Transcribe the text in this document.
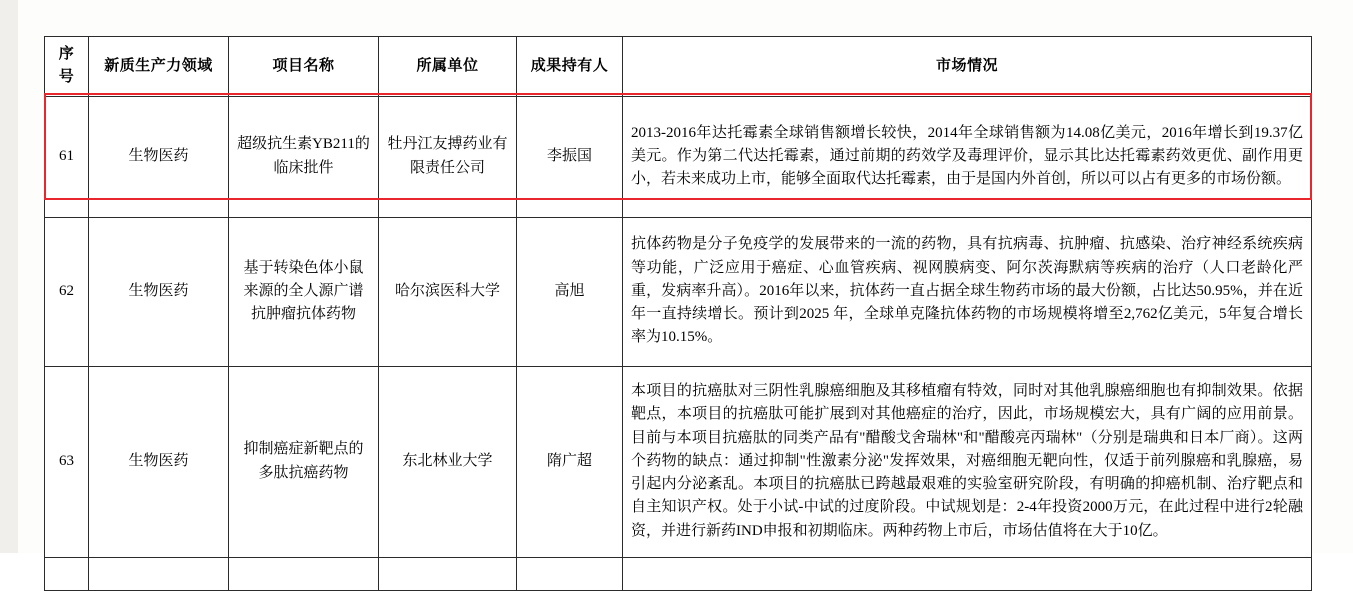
序号	新质生产力领域	项目名称	所属单位	成果持有人	市场情况
61	生物医药	超级抗生素YB211的临床批件	牡丹江友搏药业有限责任公司	李振国	2013-2016年达托霉素全球销售额增长较快，2014年全球销售额为14.08亿美元，2016年增长到19.37亿美元。作为第二代达托霉素，通过前期的药效学及毒理评价，显示其比达托霉素药效更优、副作用更小，若未来成功上市，能够全面取代达托霉素，由于是国内外首创，所以可以占有更多的市场份额。
62	生物医药	基于转染色体小鼠来源的全人源广谱抗肿瘤抗体药物	哈尔滨医科大学	高旭	抗体药物是分子免疫学的发展带来的一流的药物，具有抗病毒、抗肿瘤、抗感染、治疗神经系统疾病等功能，广泛应用于癌症、心血管疾病、视网膜病变、阿尔茨海默病等疾病的治疗（人口老龄化严重，发病率升高）。2016年以来，抗体药一直占据全球生物药市场的最大份额，占比达50.95%，并在近年一直持续增长。预计到2025 年，全球单克隆抗体药物的市场规模将增至2,762亿美元，5年复合增长率为10.15%。
63	生物医药	抑制癌症新靶点的多肽抗癌药物	东北林业大学	隋广超	本项目的抗癌肽对三阴性乳腺癌细胞及其移植瘤有特效，同时对其他乳腺癌细胞也有抑制效果。依据靶点，本项目的抗癌肽可能扩展到对其他癌症的治疗，因此，市场规模宏大，具有广阔的应用前景。目前与本项目抗癌肽的同类产品有"醋酸戈舍瑞林"和"醋酸亮丙瑞林"（分别是瑞典和日本厂商）。这两个药物的缺点：通过抑制"性激素分泌"发挥效果，对癌细胞无靶向性，仅适于前列腺癌和乳腺癌，易引起内分泌紊乱。本项目的抗癌肽已跨越最艰难的实验室研究阶段，有明确的抑癌机制、治疗靶点和自主知识产权。处于小试-中试的过度阶段。中试规划是：2-4年投资2000万元，在此过程中进行2轮融资，并进行新药IND申报和初期临床。两种药物上市后，市场估值将在大于10亿。
